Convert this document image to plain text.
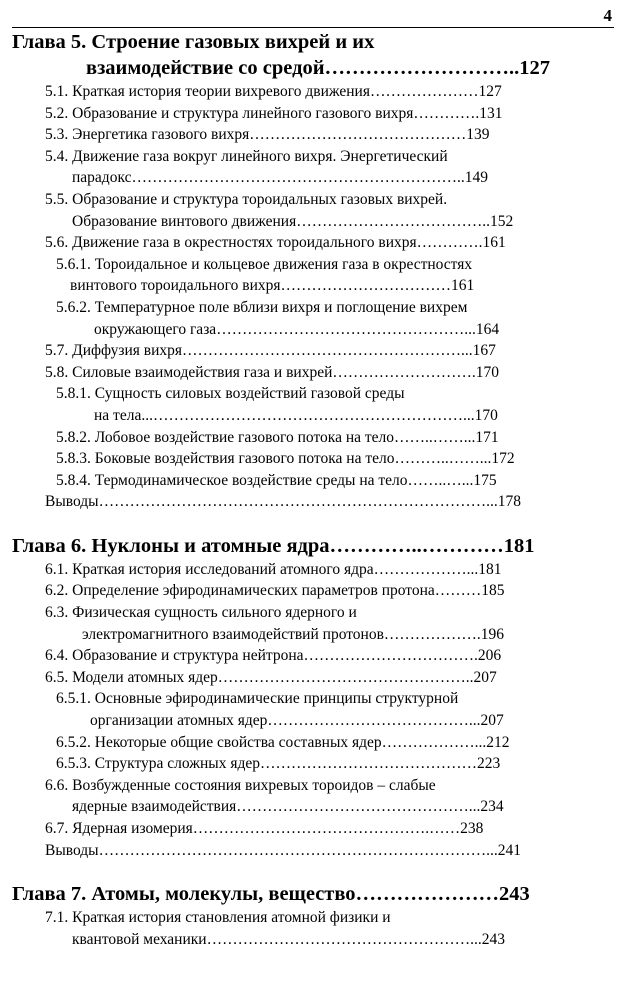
4
Глава 5. Строение газовых вихрей и их
взаимодействие со средой………………………..127
5.1. Краткая история теории вихревого движения…………………127
5.2. Образование и структура линейного газового вихря………….131
5.3. Энергетика газового вихря……………………………………139
5.4. Движение газа вокруг линейного вихря. Энергетический
парадокс………………………………………………………..149
5.5. Образование и структура тороидальных газовых вихрей.
Образование винтового движения………………………………..152
5.6. Движение газа в окрестностях тороидального вихря………….161
5.6.1. Тороидальное и кольцевое движения газа в окрестностях
винтового тороидального вихря……………………………161
5.6.2. Температурное поле вблизи вихря и поглощение вихрем
окружающего газа…………………………………………...164
5.7. Диффузия вихря………………………………………………...167
5.8. Силовые взаимодействия газа и вихрей……………………….170
5.8.1. Сущность силовых воздействий газовой среды
на тела...……………………………………………………...170
5.8.2. Лобовое воздействие газового потока на тело……..……...171
5.8.3. Боковые воздействия газового потока на тело………..……...172
5.8.4. Термодинамическое воздействие среды на тело……..…...175
Выводы…………………………………………………………………...178
Глава 6. Нуклоны и атомные ядра…………..…………181
6.1. Краткая история исследований атомного ядра………………...181
6.2. Определение эфиродинамических параметров протона………185
6.3. Физическая сущность сильного ядерного и
электромагнитного взаимодействий протонов……………….196
6.4. Образование и структура нейтрона…………………………….206
6.5. Модели атомных ядер…………………………………………..207
6.5.1. Основные эфиродинамические принципы структурной
организации атомных ядер…………………………………...207
6.5.2. Некоторые общие свойства составных ядер………………...212
6.5.3. Структура сложных ядер……………………………………223
6.6. Возбужденные состояния вихревых тороидов – слабые
ядерные взаимодействия………………………………………...234
6.7. Ядерная изомерия……………………………………….……238
Выводы…………………………………………………………………...241
Глава 7. Атомы, молекулы, вещество…………………243
7.1. Краткая история становления атомной физики и
квантовой механики……………………………………………...243
